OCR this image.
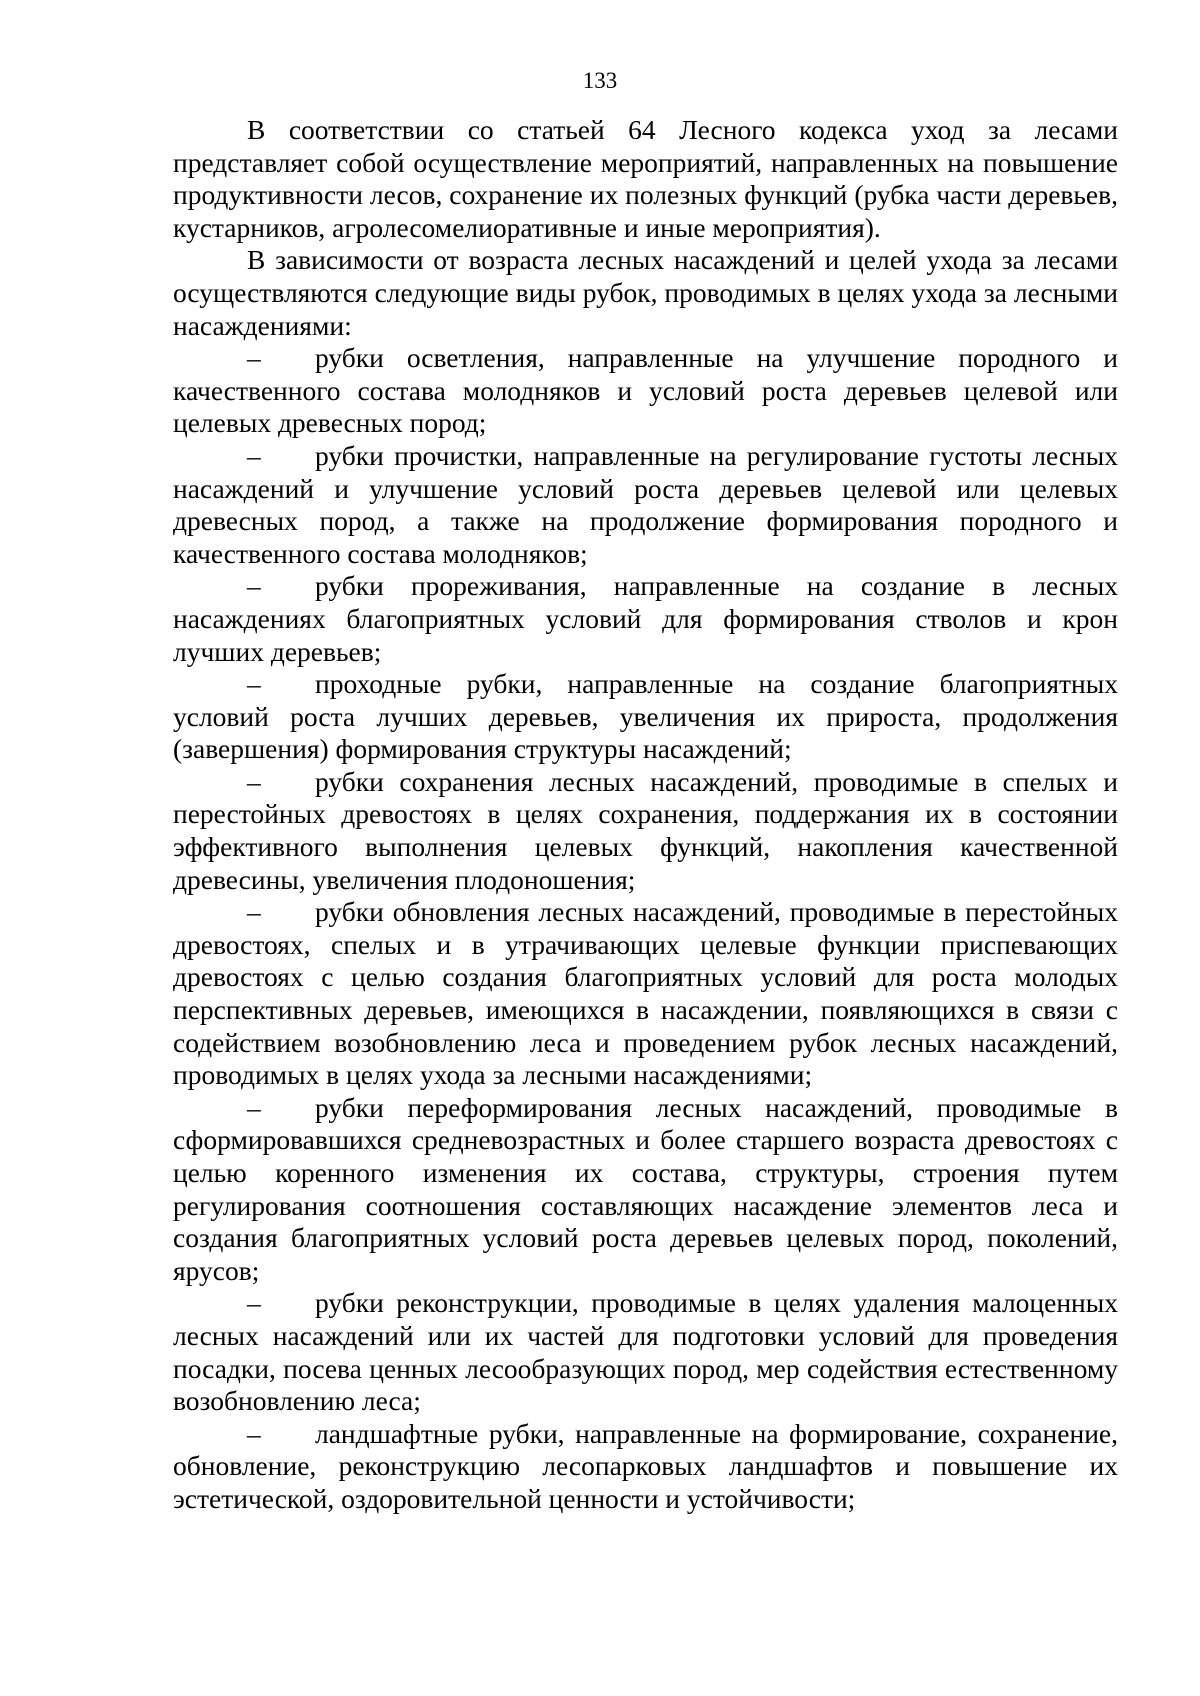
133

В соответствии со статьей 64 Лесного кодекса уход за лесами представляет собой осуществление мероприятий, направленных на повышение продуктивности лесов, сохранение их полезных функций (рубка части деревьев, кустарников, агролесомелиоративные и иные мероприятия).

В зависимости от возраста лесных насаждений и целей ухода за лесами осуществляются следующие виды рубок, проводимых в целях ухода за лесными насаждениями:

– рубки осветления, направленные на улучшение породного и качественного состава молодняков и условий роста деревьев целевой или целевых древесных пород;

– рубки прочистки, направленные на регулирование густоты лесных насаждений и улучшение условий роста деревьев целевой или целевых древесных пород, а также на продолжение формирования породного и качественного состава молодняков;

– рубки прореживания, направленные на создание в лесных насаждениях благоприятных условий для формирования стволов и крон лучших деревьев;

– проходные рубки, направленные на создание благоприятных условий роста лучших деревьев, увеличения их прироста, продолжения (завершения) формирования структуры насаждений;

– рубки сохранения лесных насаждений, проводимые в спелых и перестойных древостоях в целях сохранения, поддержания их в состоянии эффективного выполнения целевых функций, накопления качественной древесины, увеличения плодоношения;

– рубки обновления лесных насаждений, проводимые в перестойных древостоях, спелых и в утрачивающих целевые функции приспевающих древостоях с целью создания благоприятных условий для роста молодых перспективных деревьев, имеющихся в насаждении, появляющихся в связи с содействием возобновлению леса и проведением рубок лесных насаждений, проводимых в целях ухода за лесными насаждениями;

– рубки переформирования лесных насаждений, проводимые в сформировавшихся средневозрастных и более старшего возраста древостоях с целью коренного изменения их состава, структуры, строения путем регулирования соотношения составляющих насаждение элементов леса и создания благоприятных условий роста деревьев целевых пород, поколений, ярусов;

– рубки реконструкции, проводимые в целях удаления малоценных лесных насаждений или их частей для подготовки условий для проведения посадки, посева ценных лесообразующих пород, мер содействия естественному возобновлению леса;

– ландшафтные рубки, направленные на формирование, сохранение, обновление, реконструкцию лесопарковых ландшафтов и повышение их эстетической, оздоровительной ценности и устойчивости;
